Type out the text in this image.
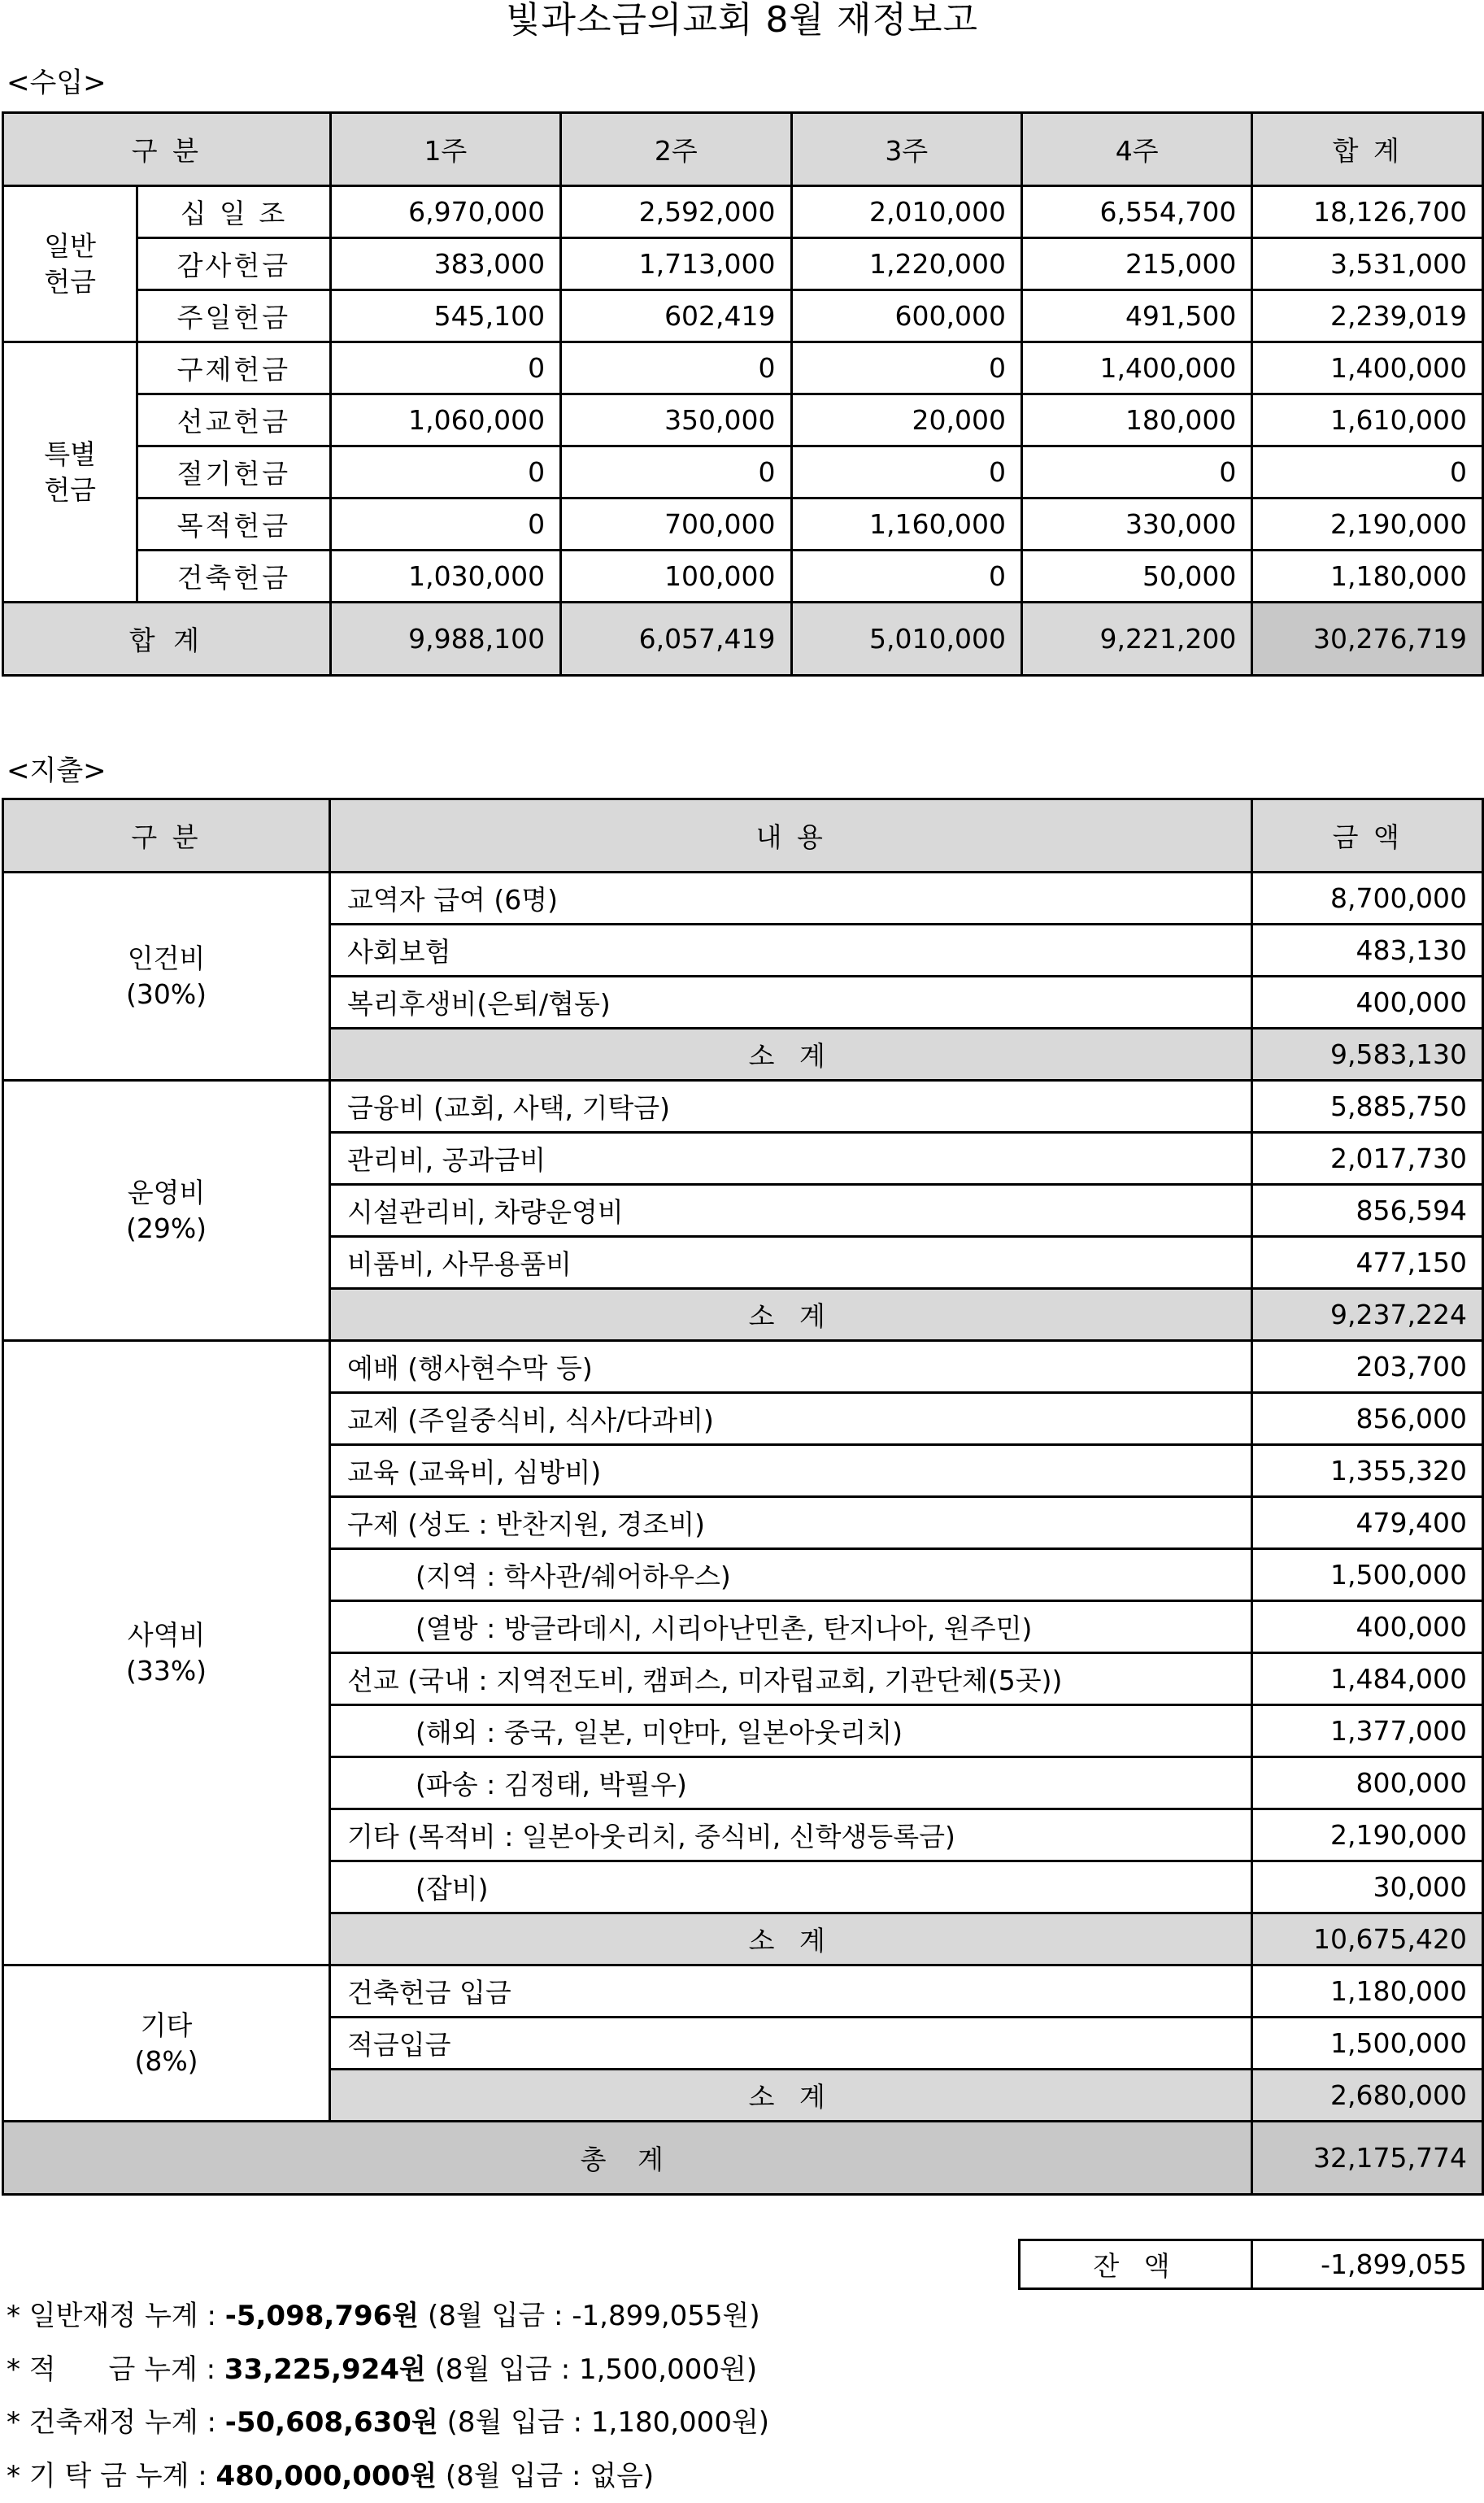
빛과소금의교회 8월 재정보고
<수입>
구 분		1주	2주	3주	4주	합 계
일반
헌금	십 일 조	6,970,000	2,592,000	2,010,000	6,554,700	18,126,700
	감사헌금	383,000	1,713,000	1,220,000	215,000	3,531,000
	주일헌금	545,100	602,419	600,000	491,500	2,239,019
특별
헌금	구제헌금	0	0	0	1,400,000	1,400,000
	선교헌금	1,060,000	350,000	20,000	180,000	1,610,000
	절기헌금	0	0	0	0	0
	목적헌금	0	700,000	1,160,000	330,000	2,190,000
	건축헌금	1,030,000	100,000	0	50,000	1,180,000
합 계		9,988,100	6,057,419	5,010,000	9,221,200	30,276,719
<지출>
구 분	내 용	금 액
인건비
(30%)	교역자 급여 (6명)	8,700,000
	사회보험	483,130
	복리후생비(은퇴/협동)	400,000
	소 계	9,583,130
운영비
(29%)	금융비 (교회, 사택, 기탁금)	5,885,750
	관리비, 공과금비	2,017,730
	시설관리비, 차량운영비	856,594
	비품비, 사무용품비	477,150
	소 계	9,237,224
사역비
(33%)	예배 (행사현수막 등)	203,700
	교제 (주일중식비, 식사/다과비)	856,000
	교육 (교육비, 심방비)	1,355,320
	구제 (성도 : 반찬지원, 경조비)	479,400
	(지역 : 학사관/쉐어하우스)	1,500,000
	(열방 : 방글라데시, 시리아난민촌, 탄지나아, 원주민)	400,000
	선교 (국내 : 지역전도비, 캠퍼스, 미자립교회, 기관단체(5곳))	1,484,000
	(해외 : 중국, 일본, 미얀마, 일본아웃리치)	1,377,000
	(파송 : 김정태, 박필우)	800,000
	기타 (목적비 : 일본아웃리치, 중식비, 신학생등록금)	2,190,000
	(잡비)	30,000
	소 계	10,675,420
기타
(8%)	건축헌금 입금	1,180,000
	적금입금	1,500,000
	소 계	2,680,000
총 계		32,175,774
잔 액	-1,899,055
* 일반재정 누계 : -5,098,796원 (8월 입금 : -1,899,055원)
* 적      금 누계 : 33,225,924원 (8월 입금 : 1,500,000원)
* 건축재정 누계 : -50,608,630원 (8월 입금 : 1,180,000원)
* 기 탁 금 누계 : 480,000,000원 (8월 입금 : 없음)
